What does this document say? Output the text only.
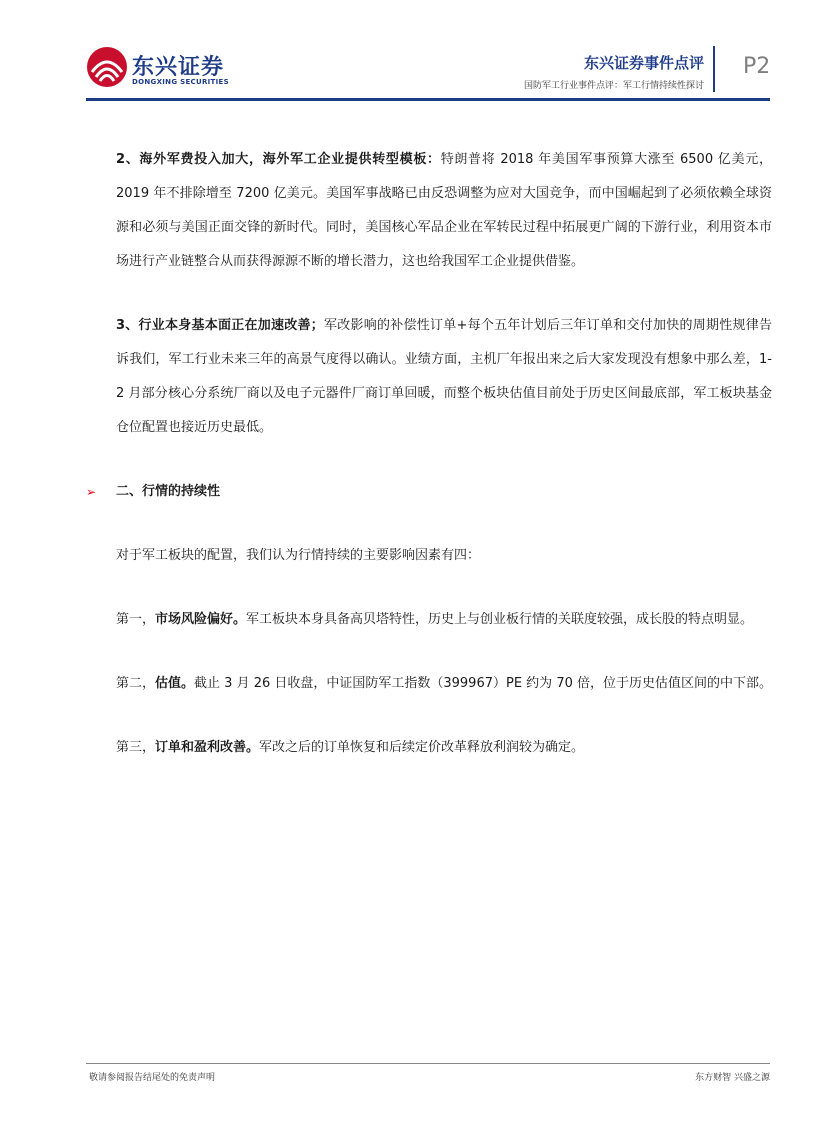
东兴证券
DONGXING SECURITIES
东兴证券事件点评
国防军工行业事件点评：军工行情持续性探讨
P2

2、海外军费投入加大，海外军工企业提供转型模板：特朗普将 2018 年美国军事预算大涨至 6500 亿美元，2019 年不排除增至 7200 亿美元。美国军事战略已由反恐调整为应对大国竞争，而中国崛起到了必须依赖全球资源和必须与美国正面交锋的新时代。同时，美国核心军品企业在军转民过程中拓展更广阔的下游行业，利用资本市场进行产业链整合从而获得源源不断的增长潜力，这也给我国军工企业提供借鉴。

3、行业本身基本面正在加速改善；军改影响的补偿性订单+每个五年计划后三年订单和交付加快的周期性规律告诉我们，军工行业未来三年的高景气度得以确认。业绩方面，主机厂年报出来之后大家发现没有想象中那么差，1-2 月部分核心分系统厂商以及电子元器件厂商订单回暖，而整个板块估值目前处于历史区间最底部，军工板块基金仓位配置也接近历史最低。

➢ 二、行情的持续性

对于军工板块的配置，我们认为行情持续的主要影响因素有四：

第一，市场风险偏好。军工板块本身具备高贝塔特性，历史上与创业板行情的关联度较强，成长股的特点明显。

第二，估值。截止 3 月 26 日收盘，中证国防军工指数（399967）PE 约为 70 倍，位于历史估值区间的中下部。

第三，订单和盈利改善。军改之后的订单恢复和后续定价改革释放利润较为确定。

敬请参阅报告结尾处的免责声明	东方财智 兴盛之源
